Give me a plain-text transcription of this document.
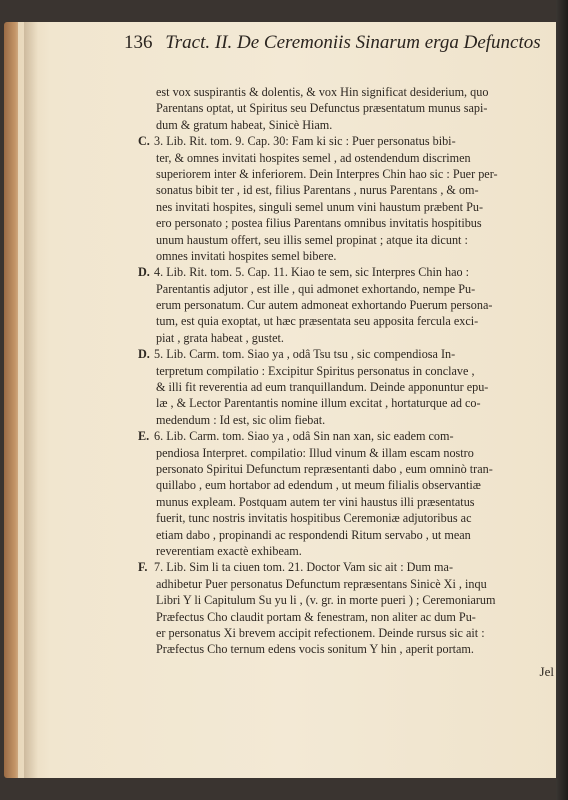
136 Tract. II. De Ceremoniis Sinarum erga Defunctos
est vox suspirantis & dolentis, & vox Hin significat desiderium, quo
Parentans optat, ut Spiritus seu Defunctus præsentatum munus sapi-
dum & gratum habeat, Sinicè Hiam.
C. 3. Lib. Rit. tom. 9. Cap. 30: Fam ki sic : Puer personatus bibi-
ter, & omnes invitati hospites semel , ad ostendendum discrimen
superiorem inter & inferiorem. Dein Interpres Chin hao sic : Puer per-
sonatus bibit ter , id est, filius Parentans , nurus Parentans , & om-
nes invitati hospites, singuli semel unum vini haustum præbent Pu-
ero personato ; postea filius Parentans omnibus invitatis hospitibus
unum haustum offert, seu illis semel propinat ; atque ita dicunt :
omnes invitati hospites semel bibere.
D. 4. Lib. Rit. tom. 5. Cap. 11. Kiao te sem, sic Interpres Chin hao :
Parentantis adjutor , est ille , qui admonet exhortando, nempe Pu-
erum personatum. Cur autem admoneat exhortando Puerum persona-
tum, est quia exoptat, ut hæc præsentata seu apposita fercula exci-
piat , grata habeat , gustet.
D. 5. Lib. Carm. tom. Siao ya , odâ Tsu tsu , sic compendiosa In-
terpretum compilatio : Excipitur Spiritus personatus in conclave ,
& illi fit reverentia ad eum tranquillandum. Deinde apponuntur epu-
læ , & Lector Parentantis nomine illum excitat , hortaturque ad co-
medendum : Id est, sic olim fiebat.
E. 6. Lib. Carm. tom. Siao ya , odâ Sin nan xan, sic eadem com-
pendiosa Interpret. compilatio: Illud vinum & illam escam nostro
personato Spiritui Defunctum repræsentanti dabo , eum omninò tran-
quillabo , eum hortabor ad edendum , ut meum filialis observantiæ
munus expleam. Postquam autem ter vini haustus illi præsentatus
fuerit, tunc nostris invitatis hospitibus Ceremoniæ adjutoribus ac
etiam dabo , propinandi ac respondendi Ritum servabo , ut mean
reverentiam exactè exhibeam.
F. 7. Lib. Sim li ta ciuen tom. 21. Doctor Vam sic ait : Dum ma-
adhibetur Puer personatus Defunctum repræsentans Sinicè Xi , inqu
Libri Y li Capitulum Su yu li , (v. gr. in morte pueri ) ; Ceremoniarum
Præfectus Cho claudit portam & fenestram, non aliter ac dum Pu-
er personatus Xi brevem accipit refectionem. Deinde rursus sic ait :
Præfectus Cho ternum edens vocis sonitum Y hin , aperit portam.
Jel
